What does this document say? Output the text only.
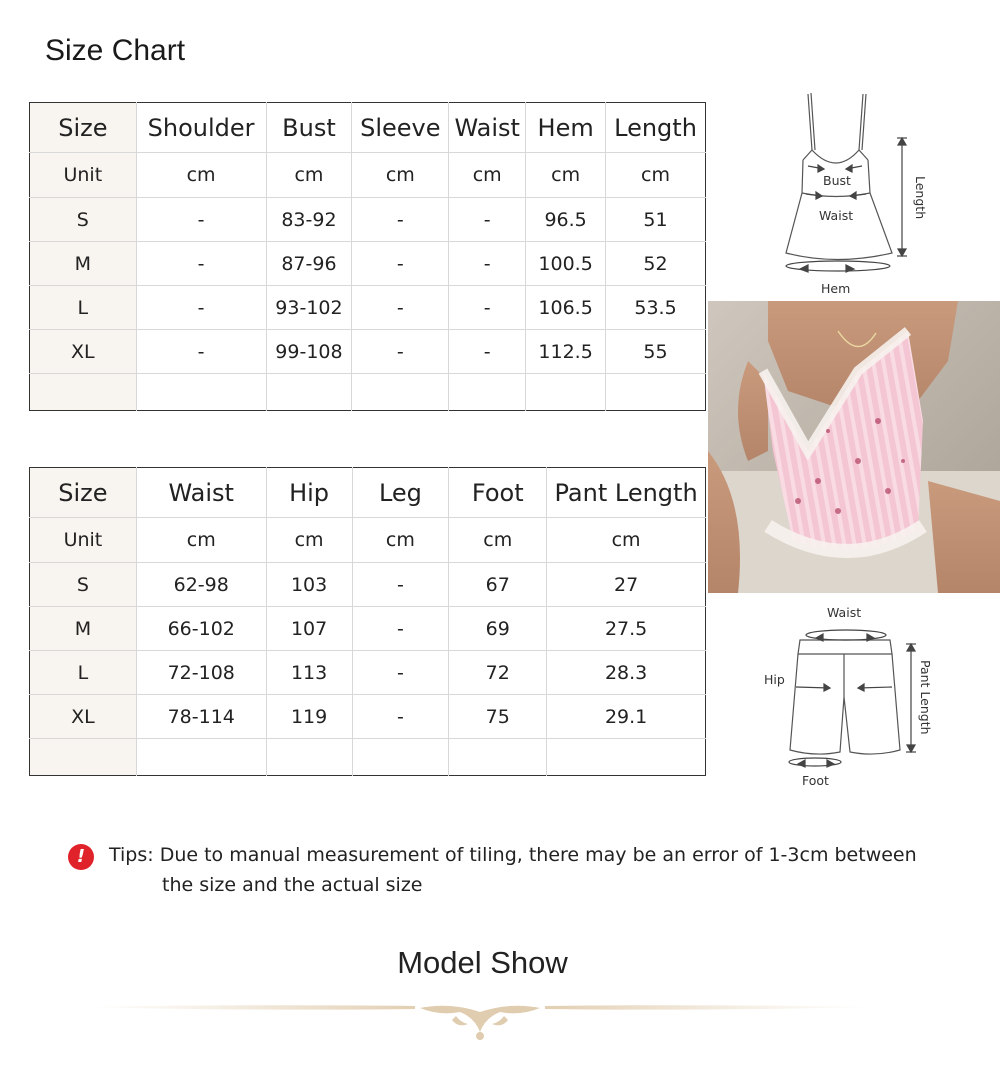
Size Chart
Size	Shoulder	Bust	Sleeve	Waist	Hem	Length
Unit	cm	cm	cm	cm	cm	cm
S	-	83-92	-	-	96.5	51
M	-	87-96	-	-	100.5	52
L	-	93-102	-	-	106.5	53.5
XL	-	99-108	-	-	112.5	55

Size	Waist	Hip	Leg	Foot	Pant Length
Unit	cm	cm	cm	cm	cm
S	62-98	103	-	67	27
M	66-102	107	-	69	27.5
L	72-108	113	-	72	28.3
XL	78-114	119	-	75	29.1

Bust
Waist
Hem
Length
Waist
Hip
Foot
Pant Length
!	Tips: Due to manual measurement of tiling, there may be an error of 1-3cm between
the size and the actual size
Model Show
